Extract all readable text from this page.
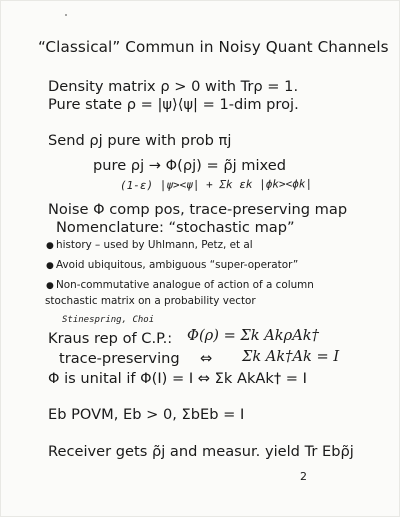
“Classical” Commun in Noisy Quant Channels
Density matrix ρ > 0 with Trρ = 1.
Pure state ρ = |ψ⟩⟨ψ| = 1-dim proj.
Send ρj pure with prob πj
pure ρj → Φ(ρj) = ρ̃j mixed
(1-ε) |ψ><ψ| + Σk εk |ϕk><ϕk|
Noise Φ comp pos, trace-preserving map
Nomenclature: “stochastic map”
● history – used by Uhlmann, Petz, et al
● Avoid ubiquitous, ambiguous “super-operator”
● Non-commutative analogue of action of a column
stochastic matrix on a probability vector
Stinespring, Choi
Kraus rep of C.P.: Φ(ρ) = Σk AkρAk†
trace-preserving ⇔ Σk Ak†Ak = I
Φ is unital if Φ(I) = I ⇔ Σk AkAk† = I
Eb POVM, Eb > 0, ΣbEb = I
Receiver gets ρ̃j and measur. yield Tr Ebρ̃j
2
